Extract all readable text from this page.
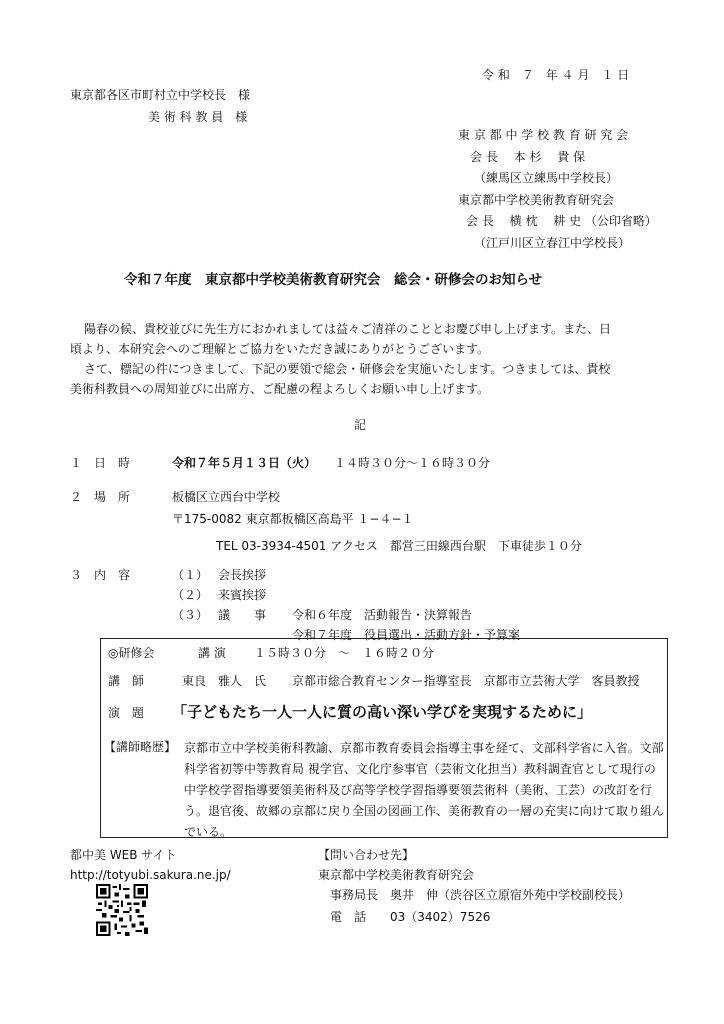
令 和　７　年 ４ 月　１ 日
東京都各区市町村立中学校長　様
美 術 科 教 員　様
東 京 都 中 学 校 教 育 研 究 会
会 長　 本 杉　 貴 保
（練馬区立練馬中学校長）
東京都中学校美術教育研究会
会 長　 横 枕　 耕 史 （公印省略）
（江戸川区立春江中学校長）
令和７年度　東京都中学校美術教育研究会　総会・研修会のお知らせ
陽春の候、貴校並びに先生方におかれましては益々ご清祥のこととお慶び申し上げます。また、日
頃より、本研究会へのご理解とご協力をいただき誠にありがとうございます。
さて、標記の件につきまして、下記の要領で総会・研修会を実施いたします。つきましては、貴校
美術科教員への周知並びに出席方、ご配慮の程よろしくお願い申し上げます。
記
１　日　時	令和７年５月１３日（火） １４時３０分～１６時３０分
２　場　所	板橋区立西台中学校
〒175-0082 東京都板橋区高島平 １−４−１
TEL 03-3934-4501 アクセス　都営三田線西台駅　下車徒歩１０分
３　内　容	（１） 会長挨拶
（２） 来賓挨拶
（３） 議　　事 令和６年度　活動報告・決算報告
令和７年度　役員選出・活動方針・予算案
◎研修会	講 演 １５時３０分　～　１６時２０分
講　師	東良　雅人　氏 京都市総合教育センター指導室長　京都市立芸術大学　客員教授
演　題 「子どもたち一人一人に質の高い深い学びを実現するために」
【講師略歴】 京都市立中学校美術科教諭、京都市教育委員会指導主事を経て、文部科学省に入省。文部科学省初等中等教育局 視学官、文化庁参事官（芸術文化担当）教科調査官として現行の中学校学習指導要領美術科及び高等学校学習指導要領芸術科（美術、工芸）の改訂を行う。退官後、故郷の京都に戻り全国の図画工作、美術教育の一層の充実に向けて取り組んでいる。
都中美 WEB サイト
http://totyubi.sakura.ne.jp/
【問い合わせ先】
東京都中学校美術教育研究会
事務局長　奥井　伸（渋谷区立原宿外苑中学校副校長）
電　話　　03（3402）7526
